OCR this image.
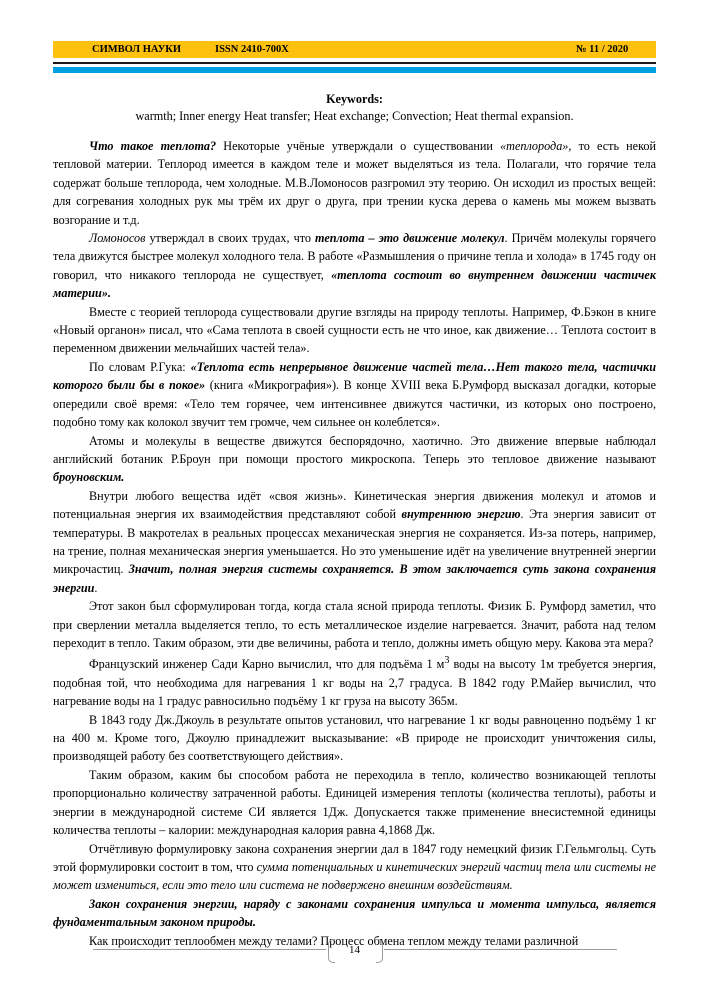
СИМВОЛ НАУКИ	ISSN 2410-700X	№ 11 / 2020
Keywords:
warmth; Inner energy Heat transfer; Heat exchange; Convection; Heat thermal expansion.

Что такое теплота? Некоторые учёные утверждали о существовании «теплорода», то есть некой тепловой материи. Теплород имеется в каждом теле и может выделяться из тела. Полагали, что горячие тела содержат больше теплорода, чем холодные. М.В.Ломоносов разгромил эту теорию. Он исходил из простых вещей: для согревания холодных рук мы трём их друг о друга, при трении куска дерева о камень мы можем вызвать возгорание и т.д.

Ломоносов утверждал в своих трудах, что теплота – это движение молекул. Причём молекулы горячего тела движутся быстрее молекул холодного тела. В работе «Размышления о причине тепла и холода» в 1745 году он говорил, что никакого теплорода не существует, «теплота состоит во внутреннем движении частичек материи».

Вместе с теорией теплорода существовали другие взгляды на природу теплоты. Например, Ф.Бэкон в книге «Новый органон» писал, что «Сама теплота в своей сущности есть не что иное, как движение… Теплота состоит в переменном движении мельчайших частей тела».

По словам Р.Гука: «Теплота есть непрерывное движение частей тела…Нет такого тела, частички которого были бы в покое» (книга «Микрография»). В конце XVIII века Б.Румфорд высказал догадки, которые опередили своё время: «Тело тем горячее, чем интенсивнее движутся частички, из которых оно построено, подобно тому как колокол звучит тем громче, чем сильнее он колеблется».

Атомы и молекулы в веществе движутся беспорядочно, хаотично. Это движение впервые наблюдал английский ботаник Р.Броун при помощи простого микроскопа. Теперь это тепловое движение называют броуновским.

Внутри любого вещества идёт «своя жизнь». Кинетическая энергия движения молекул и атомов и потенциальная энергия их взаимодействия представляют собой внутреннюю энергию. Эта энергия зависит от температуры. В макротелах в реальных процессах механическая энергия не сохраняется. Из-за потерь, например, на трение, полная механическая энергия уменьшается. Но это уменьшение идёт на увеличение внутренней энергии микрочастиц. Значит, полная энергия системы сохраняется. В этом заключается суть закона сохранения энергии.

Этот закон был сформулирован тогда, когда стала ясной природа теплоты. Физик Б. Румфорд заметил, что при сверлении металла выделяется тепло, то есть металлическое изделие нагревается. Значит, работа над телом переходит в тепло. Таким образом, эти две величины, работа и тепло, должны иметь общую меру. Какова эта мера?

Французский инженер Сади Карно вычислил, что для подъёма 1 $м^3$ воды на высоту 1м требуется энергия, подобная той, что необходима для нагревания 1 кг воды на 2,7 градуса. В 1842 году Р.Майер вычислил, что нагревание воды на 1 градус равносильно подъёму 1 кг груза на высоту 365м.

В 1843 году Дж.Джоуль в результате опытов установил, что нагревание 1 кг воды равноценно подъёму 1 кг на 400 м. Кроме того, Джоулю принадлежит высказывание: «В природе не происходит уничтожения силы, производящей работу без соответствующего действия».

Таким образом, каким бы способом работа не переходила в тепло, количество возникающей теплоты пропорционально количеству затраченной работы. Единицей измерения теплоты (количества теплоты), работы и энергии в международной системе СИ является 1Дж. Допускается также применение внесистемной единицы количества теплоты – калории: международная калория равна 4,1868 Дж.

Отчётливую формулировку закона сохранения энергии дал в 1847 году немецкий физик Г.Гельмгольц. Суть этой формулировки состоит в том, что сумма потенциальных и кинетических энергий частиц тела или системы не может измениться, если это тело или система не подвержено внешним воздействиям.

Закон сохранения энергии, наряду с законами сохранения импульса и момента импульса, является фундаментальным законом природы.

Как происходит теплообмен между телами? Процесс обмена теплом между телами различной

14
